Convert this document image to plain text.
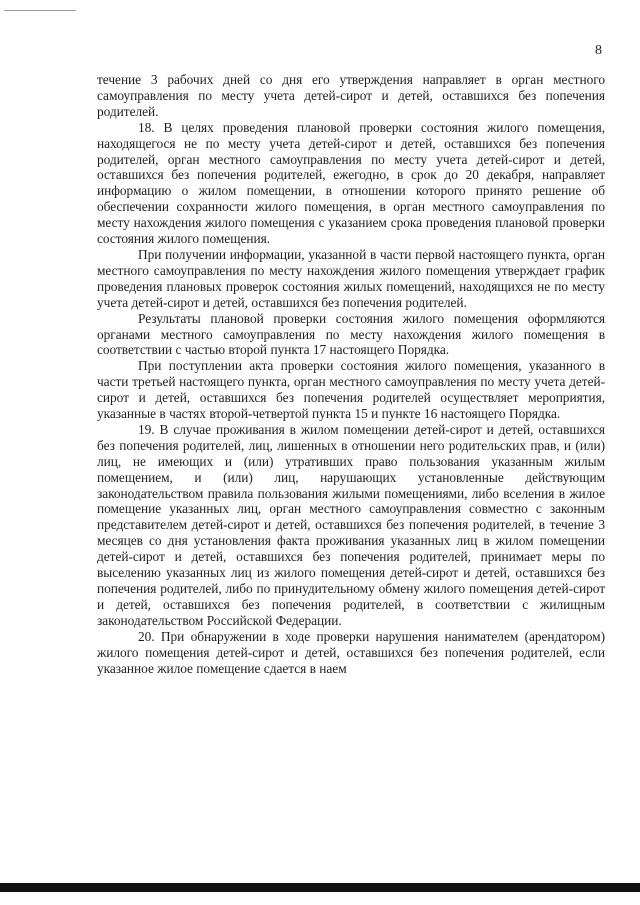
8

течение 3 рабочих дней со дня его утверждения направляет в орган местного самоуправления по месту учета детей-сирот и детей, оставшихся без попечения родителей.

18. В целях проведения плановой проверки состояния жилого помещения, находящегося не по месту учета детей-сирот и детей, оставшихся без попечения родителей, орган местного самоуправления по месту учета детей-сирот и детей, оставшихся без попечения родителей, ежегодно, в срок до 20 декабря, направляет информацию о жилом помещении, в отношении которого принято решение об обеспечении сохранности жилого помещения, в орган местного самоуправления по месту нахождения жилого помещения с указанием срока проведения плановой проверки состояния жилого помещения.

При получении информации, указанной в части первой настоящего пункта, орган местного самоуправления по месту нахождения жилого помещения утверждает график проведения плановых проверок состояния жилых помещений, находящихся не по месту учета детей-сирот и детей, оставшихся без попечения родителей.

Результаты плановой проверки состояния жилого помещения оформляются органами местного самоуправления по месту нахождения жилого помещения в соответствии с частью второй пункта 17 настоящего Порядка.

При поступлении акта проверки состояния жилого помещения, указанного в части третьей настоящего пункта, орган местного самоуправления по месту учета детей-сирот и детей, оставшихся без попечения родителей осуществляет мероприятия, указанные в частях второй-четвертой пункта 15 и пункте 16 настоящего Порядка.

19. В случае проживания в жилом помещении детей-сирот и детей, оставшихся без попечения родителей, лиц, лишенных в отношении него родительских прав, и (или) лиц, не имеющих и (или) утративших право пользования указанным жилым помещением, и (или) лиц, нарушающих установленные действующим законодательством правила пользования жилыми помещениями, либо вселения в жилое помещение указанных лиц, орган местного самоуправления совместно с законным представителем детей-сирот и детей, оставшихся без попечения родителей, в течение 3 месяцев со дня установления факта проживания указанных лиц в жилом помещении детей-сирот и детей, оставшихся без попечения родителей, принимает меры по выселению указанных лиц из жилого помещения детей-сирот и детей, оставшихся без попечения родителей, либо по принудительному обмену жилого помещения детей-сирот и детей, оставшихся без попечения родителей, в соответствии с жилищным законодательством Российской Федерации.

20. При обнаружении в ходе проверки нарушения нанимателем (арендатором) жилого помещения детей-сирот и детей, оставшихся без попечения родителей, если указанное жилое помещение сдается в наем
